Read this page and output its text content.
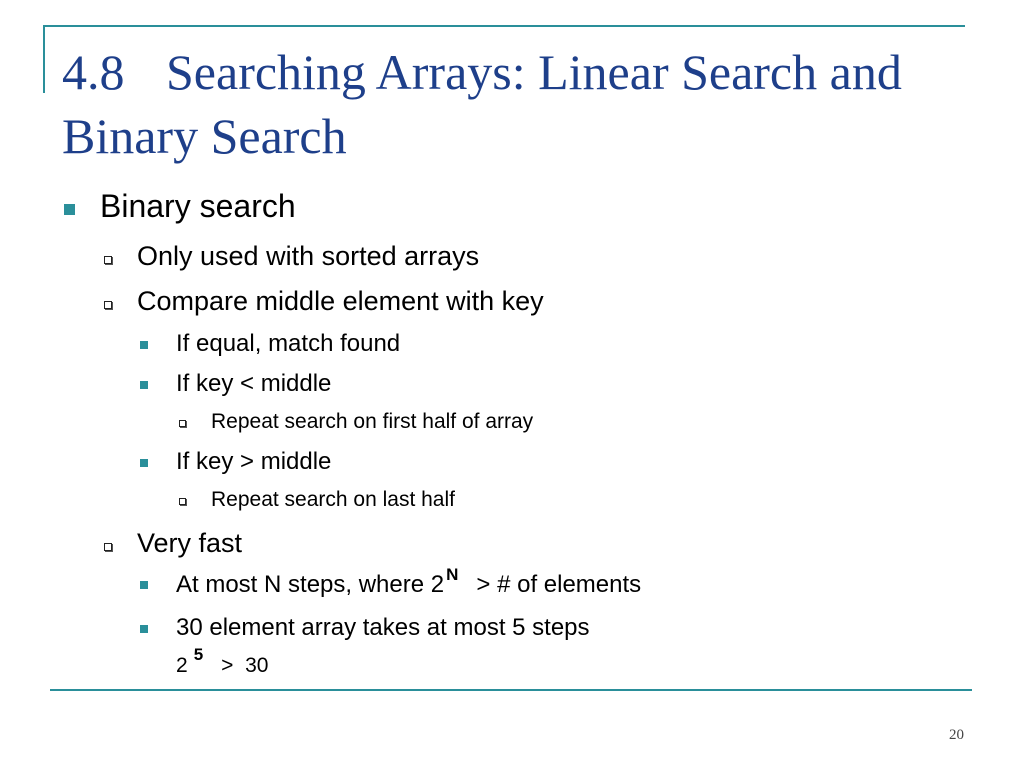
4.8 Searching Arrays: Linear Search and Binary Search
Binary search
Only used with sorted arrays
Compare middle element with key
If equal, match found
If key < middle
Repeat search on first half of array
If key > middle
Repeat search on last half
Very fast
At most N steps, where 2 $^N$ > # of elements
30 element array takes at most 5 steps
2 $^5$ >  30
20
